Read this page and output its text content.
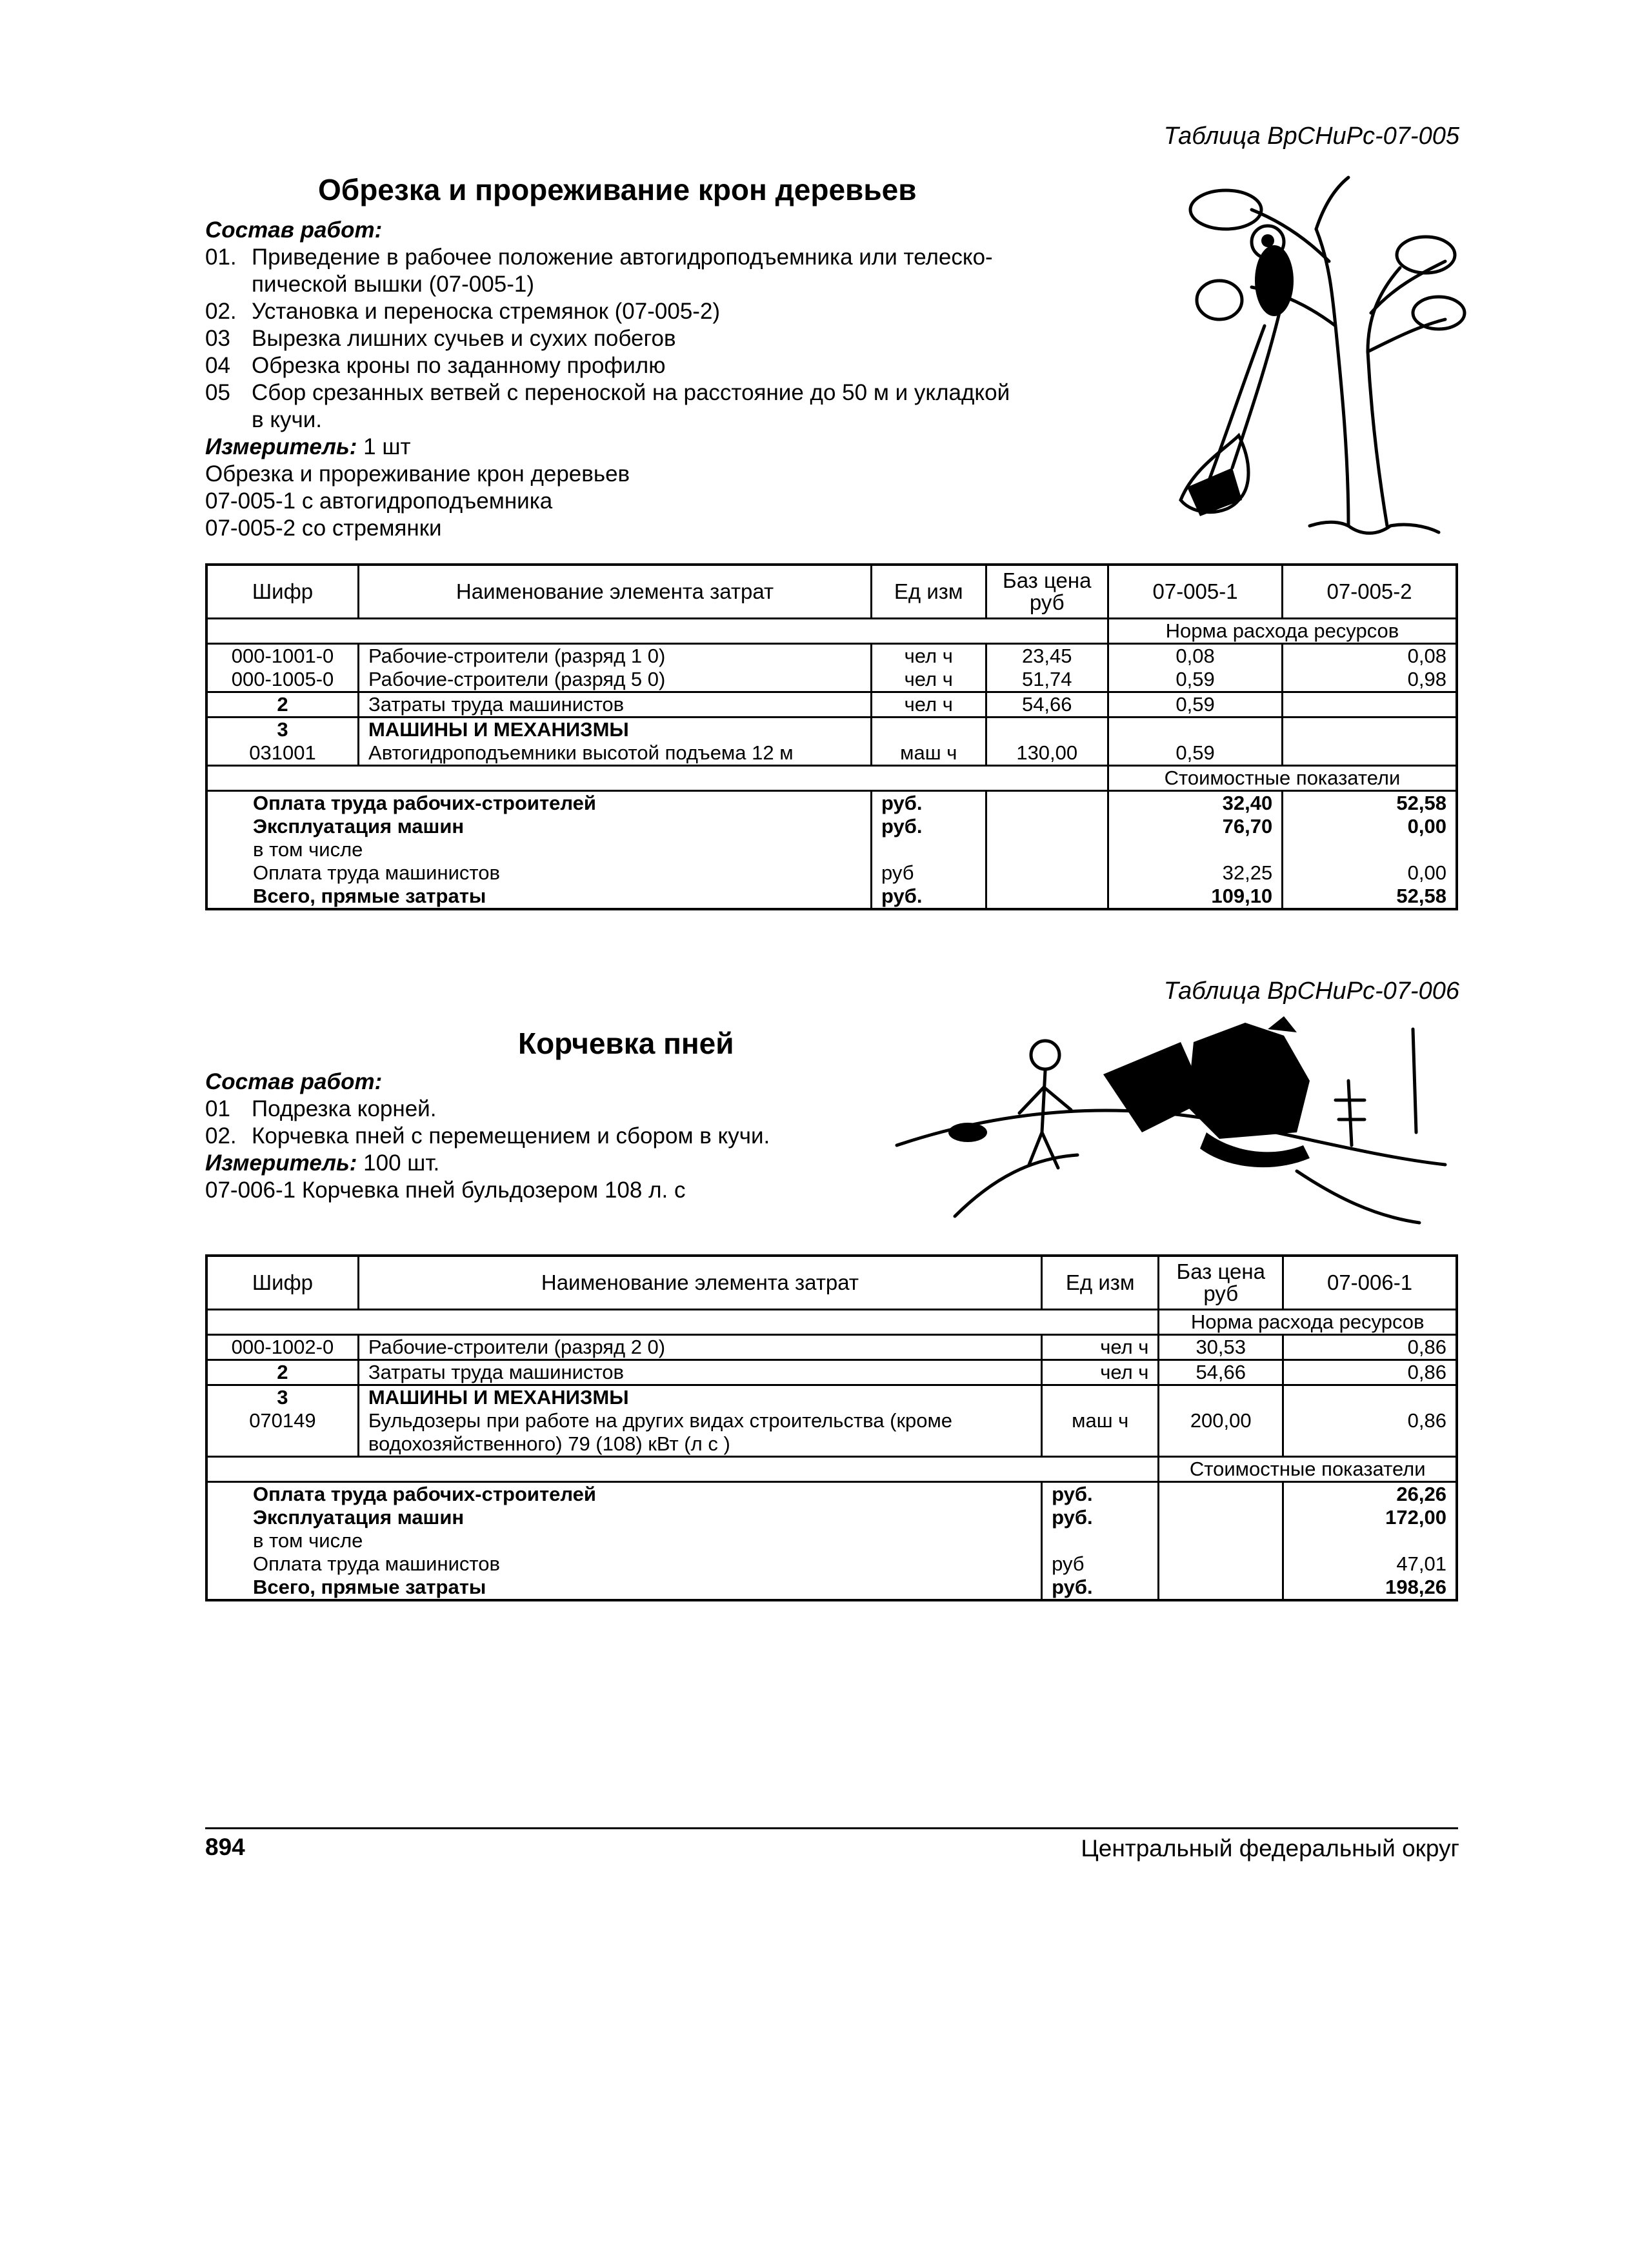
Таблица ВрСНиРс-07-005
Обрезка и прореживание крон деревьев
Состав работ:
01. Приведение в рабочее положение автогидроподъемника или телеско-
пической вышки (07-005-1)
02. Установка и переноска стремянок (07-005-2)
03 Вырезка лишних сучьев и сухих побегов
04 Обрезка кроны по заданному профилю
05 Сбор срезанных ветвей с переноской на расстояние до 50 м и укладкой
в кучи.
Измеритель: 1 шт
Обрезка и прореживание крон деревьев
07-005-1 с автогидроподъемника
07-005-2 со стремянки
Шифр	Наименование элемента затрат	Ед изм	Баз цена руб	07-005-1	07-005-2
				Норма расхода ресурсов	
000-1001-0	Рабочие-строители (разряд 1 0)	чел ч	23,45	0,08	0,08
000-1005-0	Рабочие-строители (разряд 5 0)	чел ч	51,74	0,59	0,98
2	Затраты труда машинистов	чел ч	54,66	0,59	
3	МАШИНЫ И МЕХАНИЗМЫ				
031001	Автогидроподъемники высотой подъема 12 м	маш ч	130,00	0,59	
				Стоимостные показатели	
Оплата труда рабочих-строителей		руб.		32,40	52,58
Эксплуатация машин		руб.		76,70	0,00
в том числе					
Оплата труда машинистов		руб		32,25	0,00
Всего, прямые затраты		руб.		109,10	52,58
Таблица ВрСНиРс-07-006
Корчевка пней
Состав работ:
01 Подрезка корней.
02. Корчевка пней с перемещением и сбором в кучи.
Измеритель: 100 шт.
07-006-1 Корчевка пней бульдозером 108 л. с
Шифр	Наименование элемента затрат	Ед изм	Баз цена руб	07-006-1
			Норма расхода ресурсов	
000-1002-0	Рабочие-строители (разряд 2 0)	чел ч	30,53	0,86
2	Затраты труда машинистов	чел ч	54,66	0,86
3	МАШИНЫ И МЕХАНИЗМЫ			
070149	Бульдозеры при работе на других видах строительства (кроме
водохозяйственного) 79 (108) кВт (л с )	маш ч	200,00	0,86
			Стоимостные показатели	
Оплата труда рабочих-строителей		руб.		26,26
Эксплуатация машин		руб.		172,00
в том числе				
Оплата труда машинистов		руб		47,01
Всего, прямые затраты		руб.		198,26
894	Центральный федеральный округ
